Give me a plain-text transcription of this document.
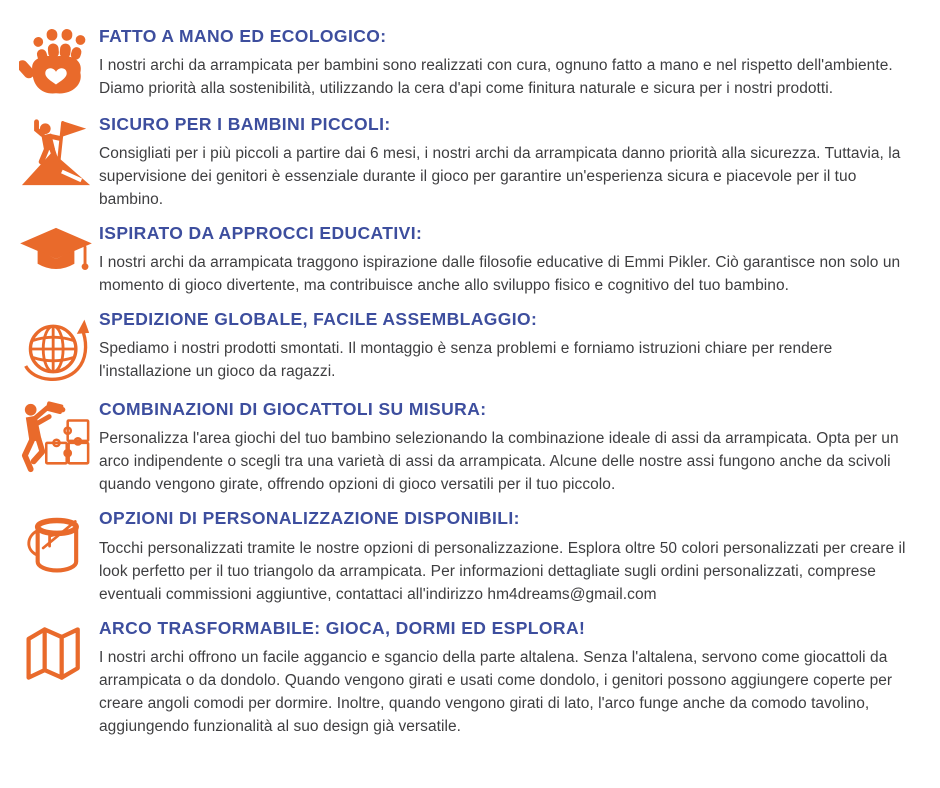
FATTO A MANO ED ECOLOGICO:

I nostri archi da arrampicata per bambini sono realizzati con cura, ognuno fatto a mano e nel rispetto dell'ambiente. Diamo priorità alla sostenibilità, utilizzando la cera d'api come finitura naturale e sicura per i nostri prodotti.

SICURO PER I BAMBINI PICCOLI:

Consigliati per i più piccoli a partire dai 6 mesi, i nostri archi da arrampicata danno priorità alla sicurezza. Tuttavia, la supervisione dei genitori è essenziale durante il gioco per garantire un'esperienza sicura e piacevole per il tuo bambino.

ISPIRATO DA APPROCCI EDUCATIVI:

I nostri archi da arrampicata traggono ispirazione dalle filosofie educative di Emmi Pikler. Ciò garantisce non solo un momento di gioco divertente, ma contribuisce anche allo sviluppo fisico e cognitivo del tuo bambino.

SPEDIZIONE GLOBALE, FACILE ASSEMBLAGGIO:

Spediamo i nostri prodotti smontati. Il montaggio è senza problemi e forniamo istruzioni chiare per rendere l'installazione un gioco da ragazzi.

COMBINAZIONI DI GIOCATTOLI SU MISURA:

Personalizza l'area giochi del tuo bambino selezionando la combinazione ideale di assi da arrampicata. Opta per un arco indipendente o scegli tra una varietà di assi da arrampicata. Alcune delle nostre assi fungono anche da scivoli quando vengono girate, offrendo opzioni di gioco versatili per il tuo piccolo.

OPZIONI DI PERSONALIZZAZIONE DISPONIBILI:

Tocchi personalizzati tramite le nostre opzioni di personalizzazione. Esplora oltre 50 colori personalizzati per creare il look perfetto per il tuo triangolo da arrampicata. Per informazioni dettagliate sugli ordini personalizzati, comprese eventuali commissioni aggiuntive, contattaci all'indirizzo hm4dreams@gmail.com

ARCO TRASFORMABILE: GIOCA, DORMI ED ESPLORA!

I nostri archi offrono un facile aggancio e sgancio della parte altalena. Senza l'altalena, servono come giocattoli da arrampicata o da dondolo. Quando vengono girati e usati come dondolo, i genitori possono aggiungere coperte per creare angoli comodi per dormire. Inoltre, quando vengono girati di lato, l'arco funge anche da comodo tavolino, aggiungendo funzionalità al suo design già versatile.
